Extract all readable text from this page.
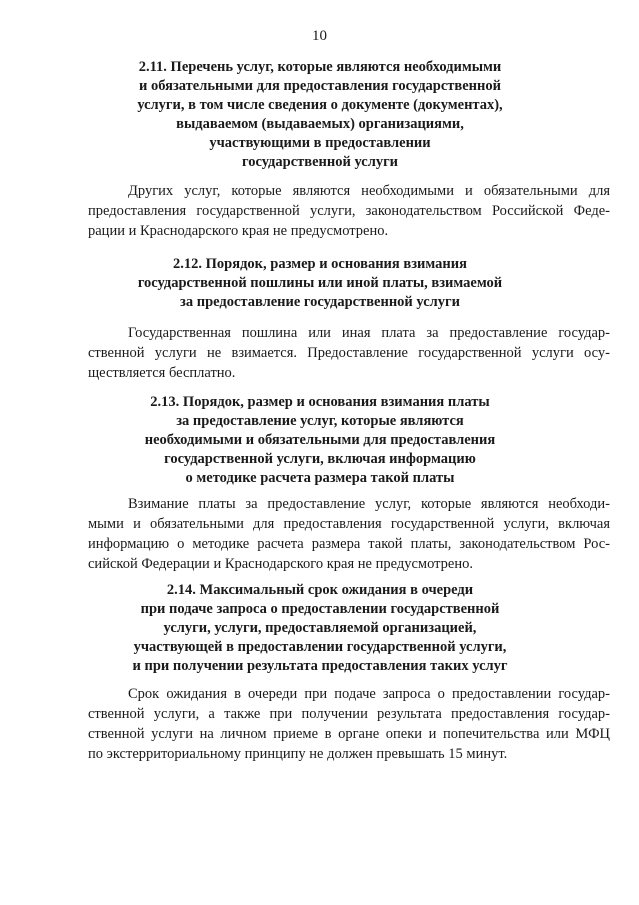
10
2.11. Перечень услуг, которые являются необходимыми
и обязательными для предоставления государственной
услуги, в том числе сведения о документе (документах),
выдаваемом (выдаваемых) организациями,
участвующими в предоставлении
государственной услуги
Других услуг, которые являются необходимыми и обязательными для
предоставления государственной услуги, законодательством Российской Феде-
рации и Краснодарского края не предусмотрено.
2.12. Порядок, размер и основания взимания
государственной пошлины или иной платы, взимаемой
за предоставление государственной услуги
Государственная пошлина или иная плата за предоставление государ-
ственной услуги не взимается. Предоставление государственной услуги осу-
ществляется бесплатно.
2.13. Порядок, размер и основания взимания платы
за предоставление услуг, которые являются
необходимыми и обязательными для предоставления
государственной услуги, включая информацию
о методике расчета размера такой платы
Взимание платы за предоставление услуг, которые являются необходи-
мыми и обязательными для предоставления государственной услуги, включая
информацию о методике расчета размера такой платы, законодательством Рос-
сийской Федерации и Краснодарского края не предусмотрено.
2.14. Максимальный срок ожидания в очереди
при подаче запроса о предоставлении государственной
услуги, услуги, предоставляемой организацией,
участвующей в предоставлении государственной услуги,
и при получении результата предоставления таких услуг
Срок ожидания в очереди при подаче запроса о предоставлении государ-
ственной услуги, а также при получении результата предоставления государ-
ственной услуги на личном приеме в органе опеки и попечительства или МФЦ
по экстерриториальному принципу не должен превышать 15 минут.
